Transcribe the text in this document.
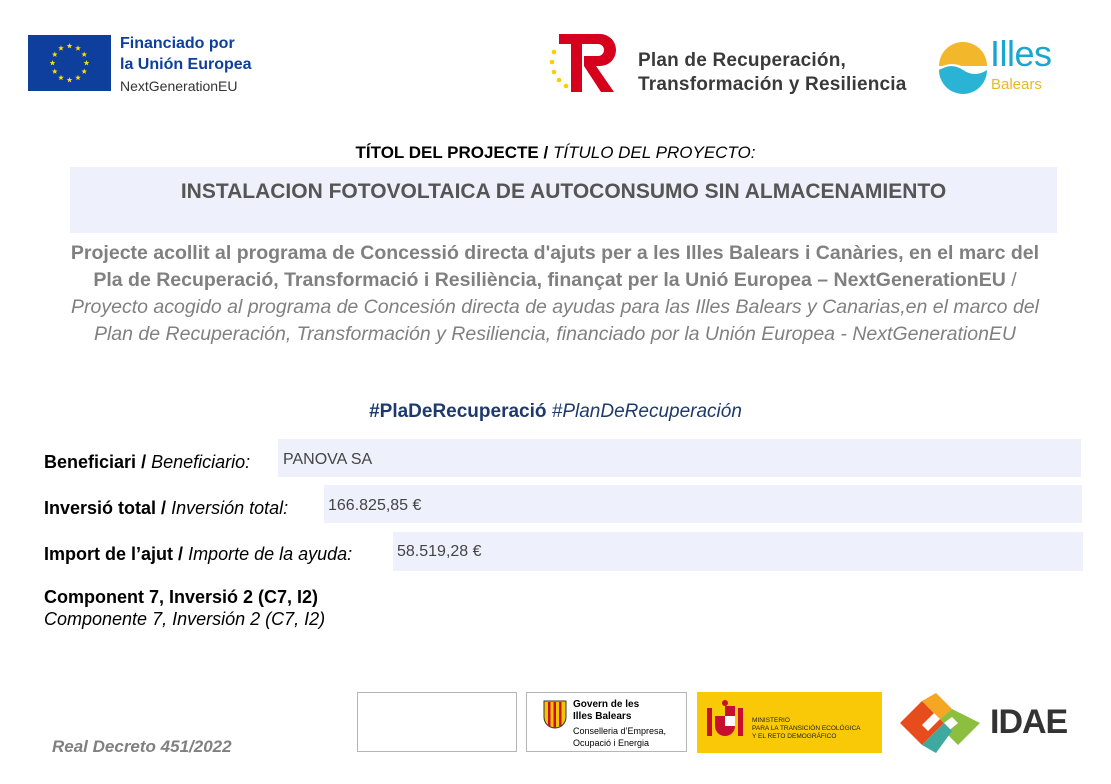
Financiado por
la Unión Europea
NextGenerationEU
Plan de Recuperación,
Transformación y Resiliencia
Illes
Balears
TÍTOL DEL PROJECTE / TÍTULO DEL PROYECTO:
INSTALACION FOTOVOLTAICA DE AUTOCONSUMO SIN ALMACENAMIENTO
Projecte acollit al programa de Concessió directa d'ajuts per a les Illes Balears i Canàries, en el marc del Pla de Recuperació, Transformació i Resiliència, finançat per la Unió Europea – NextGenerationEU / Proyecto acogido al programa de Concesión directa de ayudas para las Illes Balears y Canarias,en el marco del Plan de Recuperación, Transformación y Resiliencia, financiado por la Unión Europea - NextGenerationEU
#PlaDeRecuperació #PlanDeRecuperación
Beneficiari / Beneficiario: PANOVA SA
Inversió total / Inversión total: 166.825,85 €
Import de l’ajut / Importe de la ayuda:	58.519,28 €
Component 7, Inversió 2 (C7, I2)
Componente 7, Inversión 2 (C7, I2)
Real Decreto 451/2022
Govern de les
Illes Balears
Conselleria d’Empresa,
Ocupació i Energia
MINISTERIO
PARA LA TRANSICIÓN ECOLÓGICA
Y EL RETO DEMOGRÁFICO	IDAE
